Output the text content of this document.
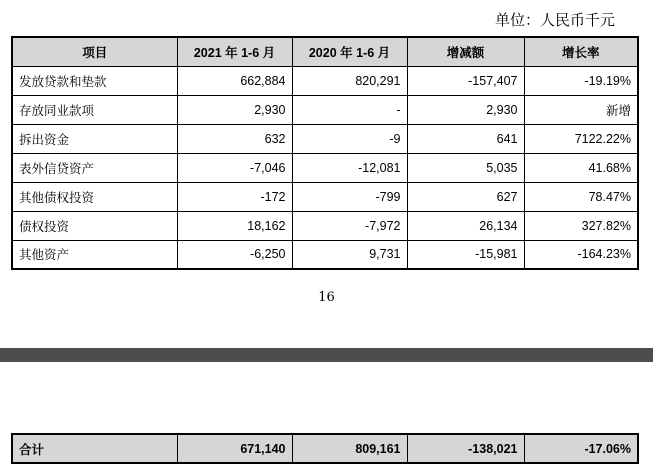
单位：人民币千元
项目	2021 年 1-6 月	2020 年 1-6 月	增减额	增长率
发放贷款和垫款	662,884	820,291	-157,407	-19.19%
存放同业款项	2,930	-	2,930	新增
拆出资金	632	-9	641	7122.22%
表外信贷资产	-7,046	-12,081	5,035	41.68%
其他债权投资	-172	-799	627	78.47%
债权投资	18,162	-7,972	26,134	327.82%
其他资产	-6,250	9,731	-15,981	-164.23%
16
合计	671,140	809,161	-138,021	-17.06%
